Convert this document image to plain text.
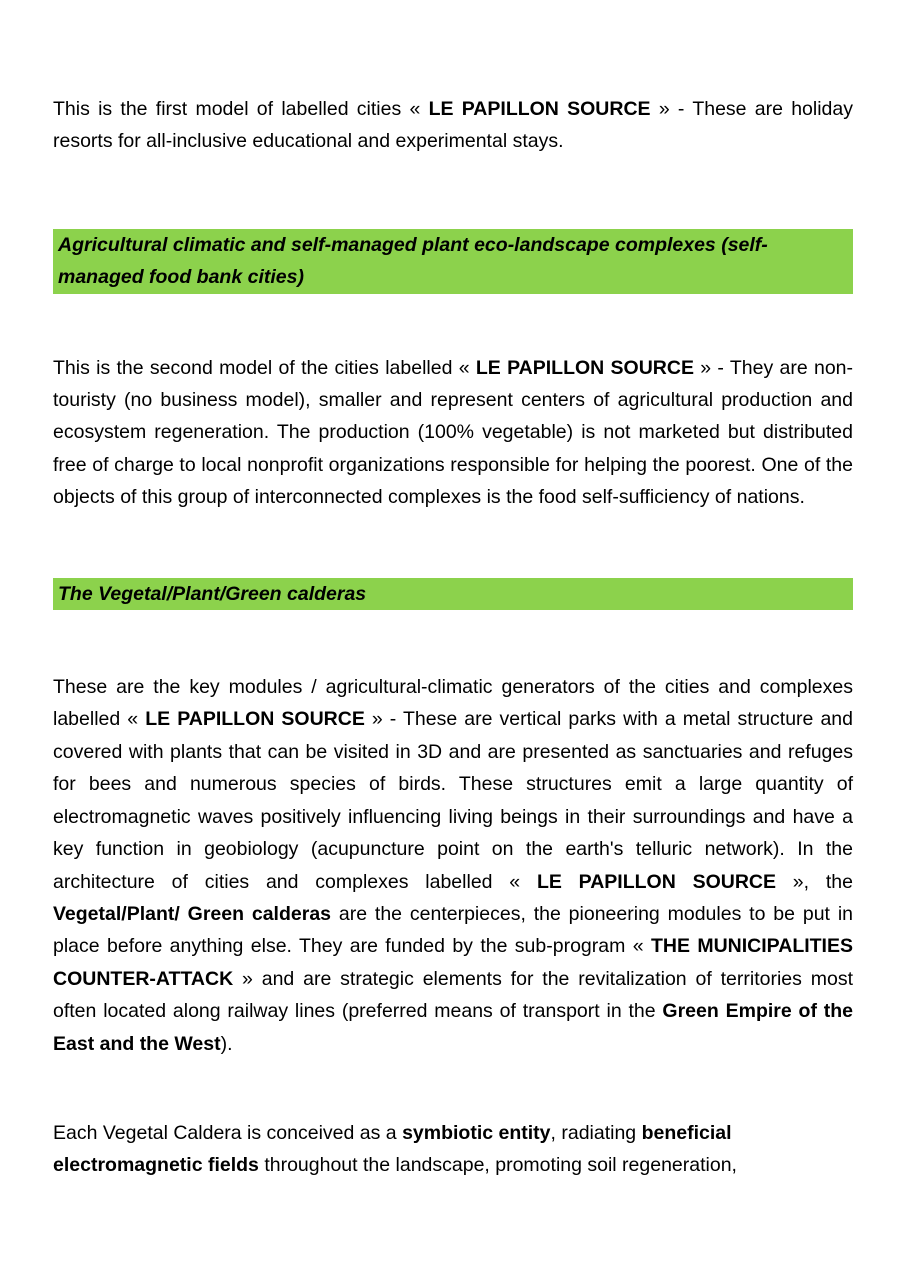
This is the first model of labelled cities « LE PAPILLON SOURCE » - These are holiday resorts for all-inclusive educational and experimental stays.

Agricultural climatic and self-managed plant eco-landscape complexes (self-managed food bank cities)

This is the second model of the cities labelled « LE PAPILLON SOURCE » - They are non-touristy (no business model), smaller and represent centers of agricultural production and ecosystem regeneration. The production (100% vegetable) is not marketed but distributed free of charge to local nonprofit organizations responsible for helping the poorest. One of the objects of this group of interconnected complexes is the food self-sufficiency of nations.

The Vegetal/Plant/Green calderas

These are the key modules / agricultural-climatic generators of the cities and complexes labelled « LE PAPILLON SOURCE » - These are vertical parks with a metal structure and covered with plants that can be visited in 3D and are presented as sanctuaries and refuges for bees and numerous species of birds. These structures emit a large quantity of electromagnetic waves positively influencing living beings in their surroundings and have a key function in geobiology (acupuncture point on the earth's telluric network). In the architecture of cities and complexes labelled « LE PAPILLON SOURCE », the Vegetal/Plant/ Green calderas are the centerpieces, the pioneering modules to be put in place before anything else. They are funded by the sub-program « THE MUNICIPALITIES COUNTER-ATTACK » and are strategic elements for the revitalization of territories most often located along railway lines (preferred means of transport in the Green Empire of the East and the West).

Each Vegetal Caldera is conceived as a symbiotic entity, radiating beneficial electromagnetic fields throughout the landscape, promoting soil regeneration,
